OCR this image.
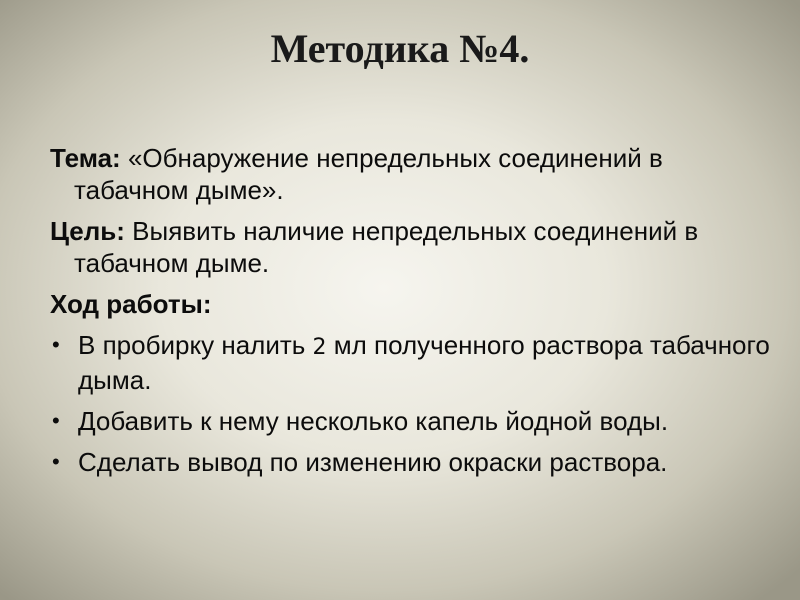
Методика №4.

Тема: «Обнаружение непредельных соединений в табачном дыме».

Цель: Выявить наличие непредельных соединений в табачном дыме.

Ход работы:

• В пробирку налить 2 мл полученного раствора табачного дыма.
• Добавить к нему несколько капель йодной воды.
• Сделать вывод по изменению окраски раствора.
